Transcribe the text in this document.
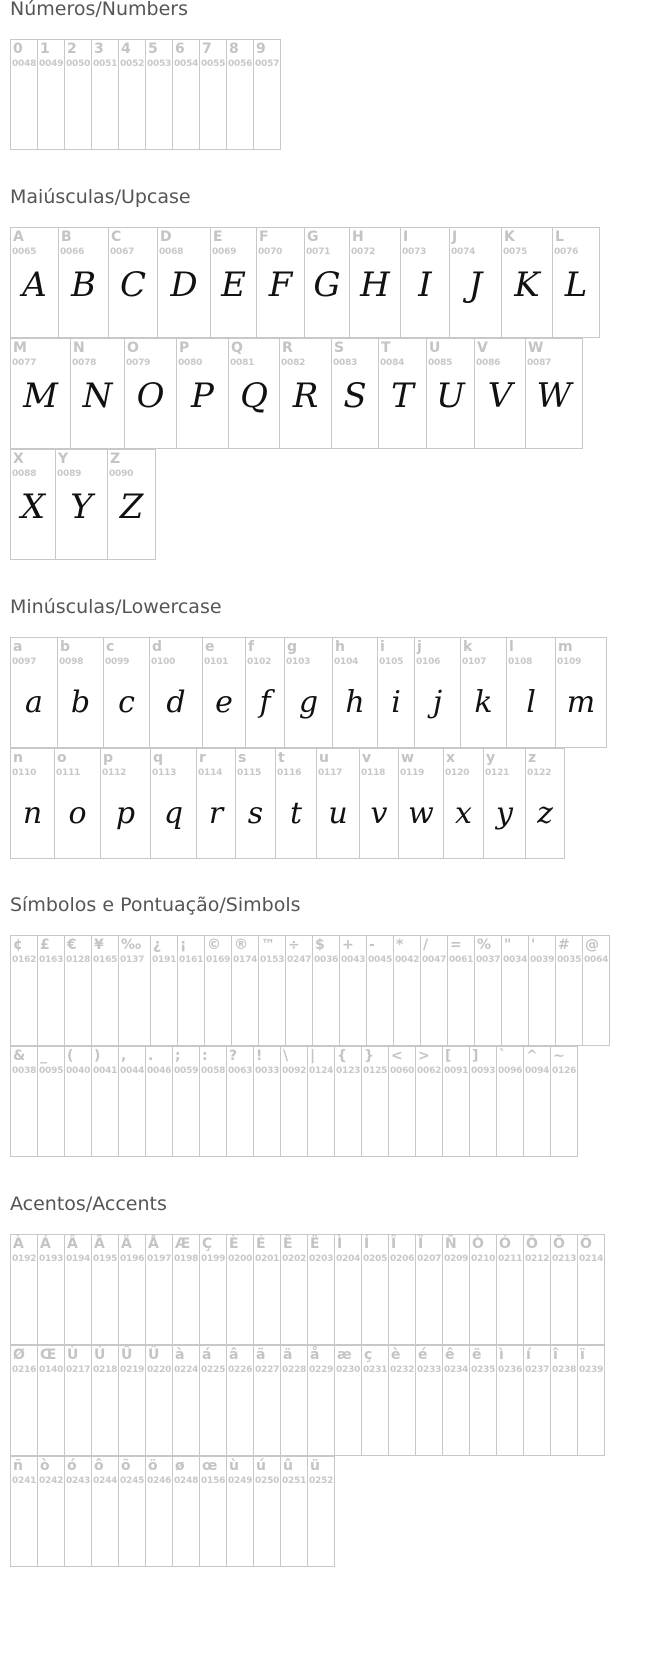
Números/Numbers
Maiúsculas/Upcase
Minúsculas/Lowercase
Símbolos e Pontuação/Simbols
Acentos/Accents
0
0048
1
0049
2
0050
3
0051
4
0052
5
0053
6
0054
7
0055
8
0056
9
0057
A
0065
A
B
0066
B
C
0067
C
D
0068
D
E
0069
E
F
0070
F
G
0071
G
H
0072
H
I
0073
I
J
0074
J
K
0075
K
L
0076
L
M
0077
M
N
0078
N
O
0079
O
P
0080
P
Q
0081
Q
R
0082
R
S
0083
S
T
0084
T
U
0085
U
V
0086
V
W
0087
W
X
0088
X
Y
0089
Y
Z
0090
Z
a
0097
a
b
0098
b
c
0099
c
d
0100
d
e
0101
e
f
0102
f
g
0103
g
h
0104
h
i
0105
i
j
0106
j
k
0107
k
l
0108
l
m
0109
m
n
0110
n
o
0111
o
p
0112
p
q
0113
q
r
0114
r
s
0115
s
t
0116
t
u
0117
u
v
0118
v
w
0119
w
x
0120
x
y
0121
y
z
0122
z
¢
0162
£
0163
€
0128
¥
0165
‰
0137
¿
0191
¡
0161
©
0169
®
0174
™
0153
÷
0247
$
0036
+
0043
-
0045
*
0042
/
0047
=
0061
%
0037
"
0034
'
0039
#
0035
@
0064
&
0038
_
0095
(
0040
)
0041
,
0044
.
0046
;
0059
:
0058
?
0063
!
0033
\
0092
|
0124
{
0123
}
0125
<
0060
>
0062
[
0091
]
0093
`
0096
^
0094
~
0126
À
0192
Á
0193
Â
0194
Ã
0195
Ä
0196
Å
0197
Æ
0198
Ç
0199
È
0200
É
0201
Ê
0202
Ë
0203
Ì
0204
Í
0205
Î
0206
Ï
0207
Ñ
0209
Ò
0210
Ó
0211
Ô
0212
Õ
0213
Ö
0214
Ø
0216
Œ
0140
Ù
0217
Ú
0218
Û
0219
Ü
0220
à
0224
á
0225
â
0226
ã
0227
ä
0228
å
0229
æ
0230
ç
0231
è
0232
é
0233
ê
0234
ë
0235
ì
0236
í
0237
î
0238
ï
0239
ñ
0241
ò
0242
ó
0243
ô
0244
õ
0245
ö
0246
ø
0248
œ
0156
ù
0249
ú
0250
û
0251
ü
0252
